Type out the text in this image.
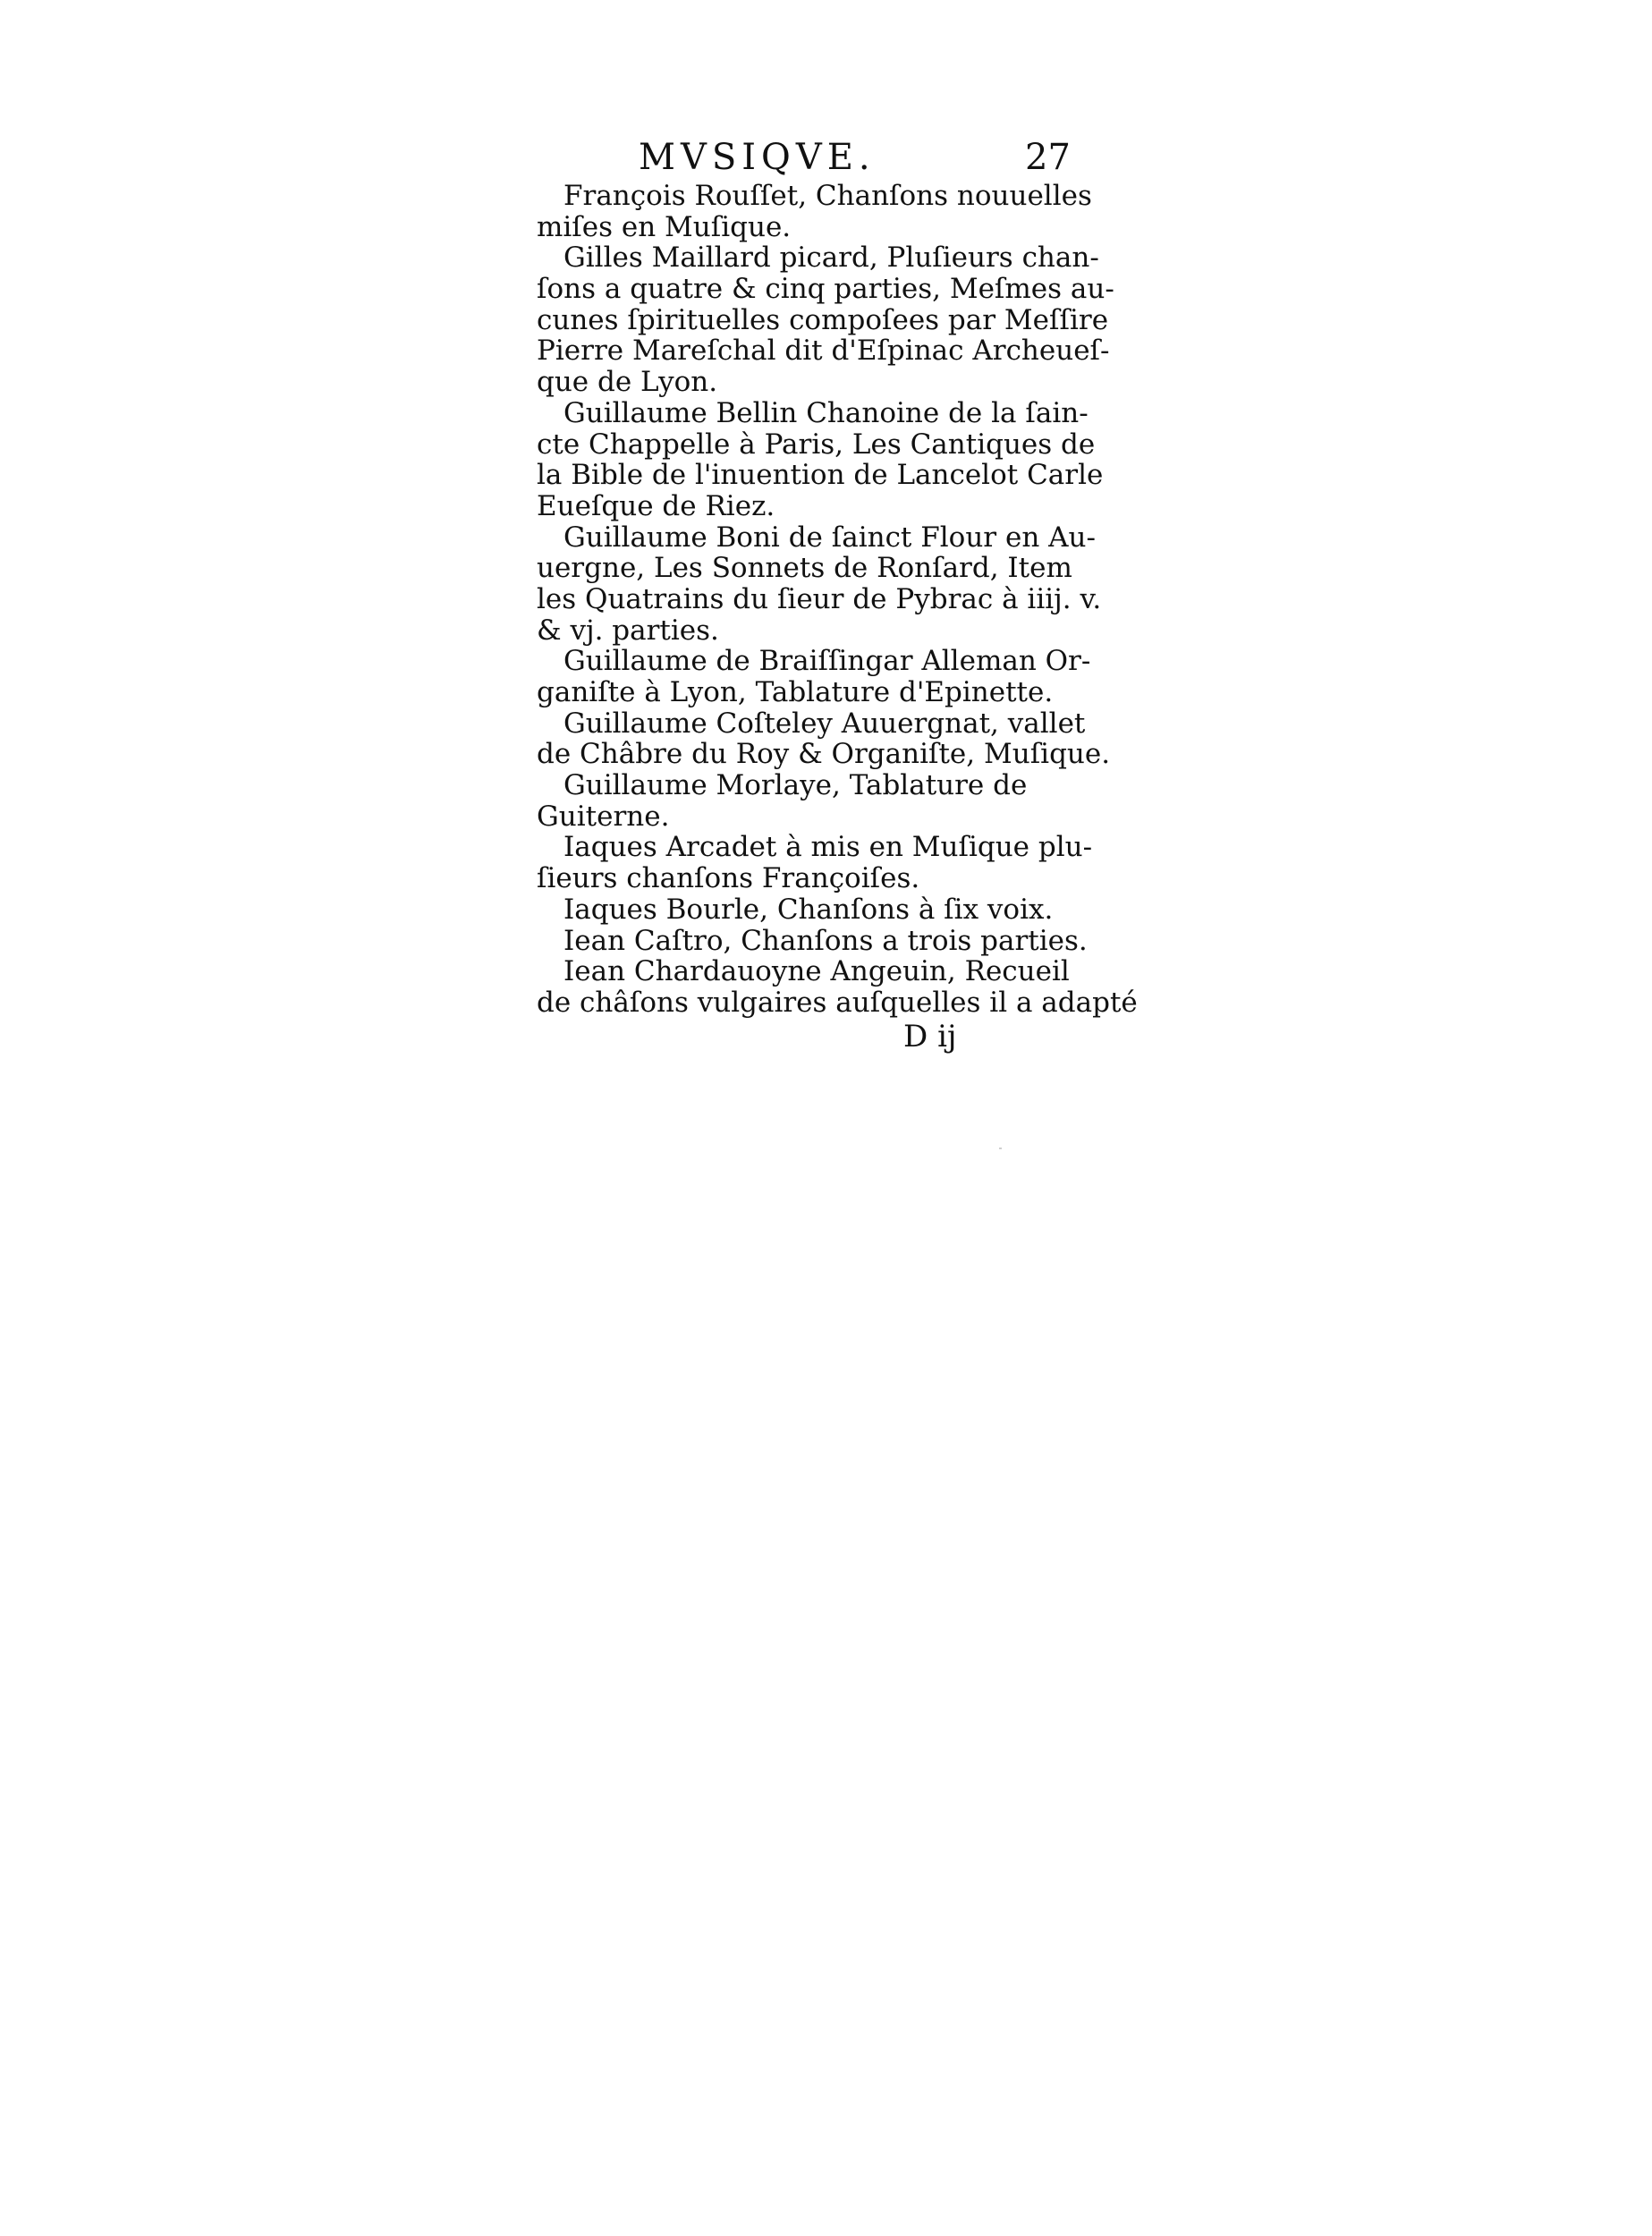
MVSIQVE.	27
François Rouſſet, Chanſons nouuelles
miſes en Muſique.
Gilles Maillard picard, Pluſieurs chan-
ſons a quatre & cinq parties, Meſmes au-
cunes ſpirituelles compoſees par Meſſire
Pierre Mareſchal dit d'Eſpinac Archeueſ-
que de Lyon.
Guillaume Bellin Chanoine de la ſain-
cte Chappelle à Paris, Les Cantiques de
la Bible de l'inuention de Lancelot Carle
Eueſque de Riez.
Guillaume Boni de ſainct Flour en Au-
uergne, Les Sonnets de Ronſard, Item
les Quatrains du ſieur de Pybrac à iiij. v.
& vj. parties.
Guillaume de Braiſſingar Alleman Or-
ganiſte à Lyon, Tablature d'Epinette.
Guillaume Coſteley Auuergnat, vallet
de Châbre du Roy & Organiſte, Muſique.
Guillaume Morlaye, Tablature de
Guiterne.
Iaques Arcadet à mis en Muſique plu-
ſieurs chanſons Françoiſes.
Iaques Bourle, Chanſons à ſix voix.
Iean Caſtro, Chanſons a trois parties.
Iean Chardauoyne Angeuin, Recueil
de châſons vulgaires auſquelles il a adapté
D ij
